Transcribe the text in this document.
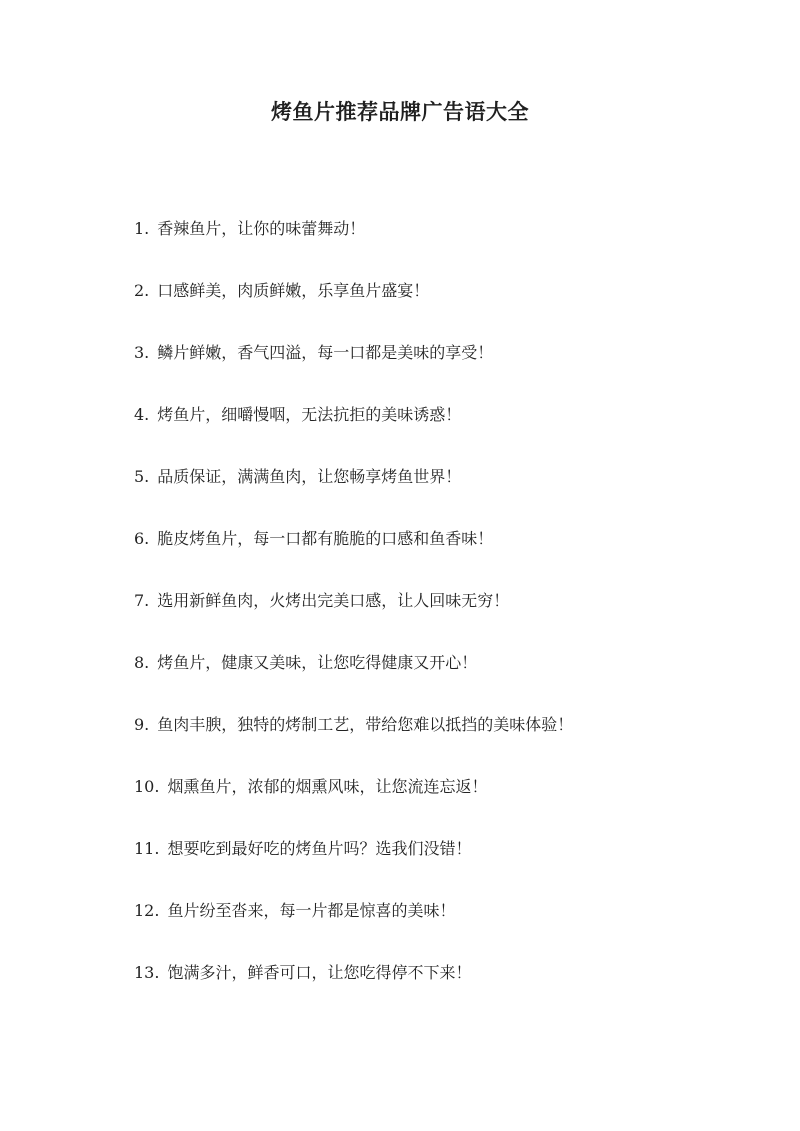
烤鱼片推荐品牌广告语大全
1. 香辣鱼片，让你的味蕾舞动！
2. 口感鲜美，肉质鲜嫩，乐享鱼片盛宴！
3. 鳞片鲜嫩，香气四溢，每一口都是美味的享受！
4. 烤鱼片，细嚼慢咽，无法抗拒的美味诱惑！
5. 品质保证，满满鱼肉，让您畅享烤鱼世界！
6. 脆皮烤鱼片，每一口都有脆脆的口感和鱼香味！
7. 选用新鲜鱼肉，火烤出完美口感，让人回味无穷！
8. 烤鱼片，健康又美味，让您吃得健康又开心！
9. 鱼肉丰腴，独特的烤制工艺，带给您难以抵挡的美味体验！
10. 烟熏鱼片，浓郁的烟熏风味，让您流连忘返！
11. 想要吃到最好吃的烤鱼片吗？选我们没错！
12. 鱼片纷至沓来，每一片都是惊喜的美味！
13. 饱满多汁，鲜香可口，让您吃得停不下来！
